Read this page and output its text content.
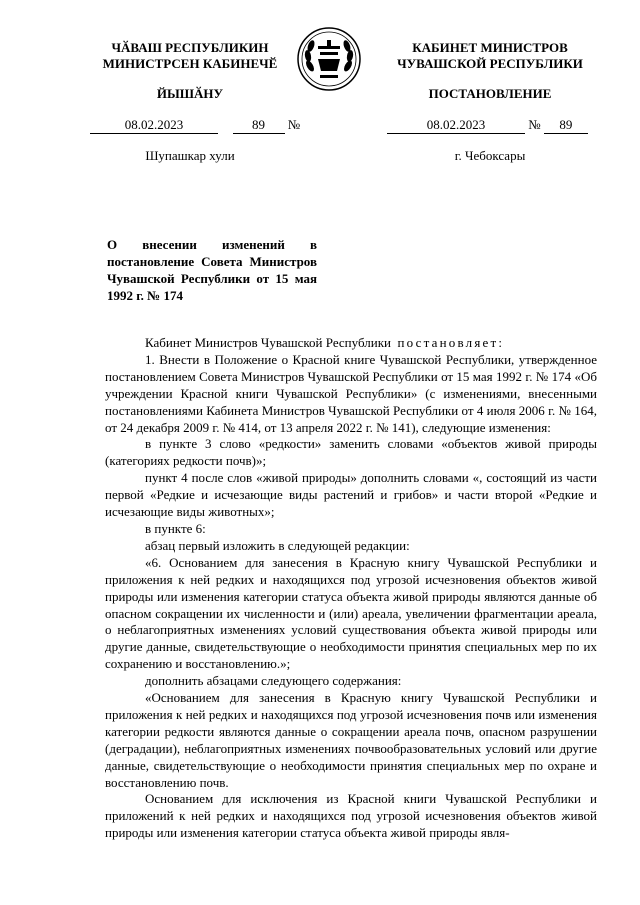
ЧӐВАШ РЕСПУБЛИКИН МИНИСТРСЕН КАБИНЕЧӖ
КАБИНЕТ МИНИСТРОВ ЧУВАШСКОЙ РЕСПУБЛИКИ
ЙЫШӐНУ	ПОСТАНОВЛЕНИЕ
08.02.2023	89 №	08.02.2023	№ 89
Шупашкар хули	г. Чебоксары
О внесении изменений в постановление Совета Министров Чувашской Республики от 15 мая 1992 г. № 174

Кабинет Министров Чувашской Республики постановляет:

1. Внести в Положение о Красной книге Чувашской Республики, утвержденное постановлением Совета Министров Чувашской Республики от 15 мая 1992 г. № 174 «Об учреждении Красной книги Чувашской Республики» (с изменениями, внесенными постановлениями Кабинета Министров Чувашской Республики от 4 июля 2006 г. № 164, от 24 декабря 2009 г. № 414, от 13 апреля 2022 г. № 141), следующие изменения:

в пункте 3 слово «редкости» заменить словами «объектов живой природы (категориях редкости почв)»;

пункт 4 после слов «живой природы» дополнить словами «, состоящий из части первой «Редкие и исчезающие виды растений и грибов» и части второй «Редкие и исчезающие виды животных»;

в пункте 6:

абзац первый изложить в следующей редакции:

«6. Основанием для занесения в Красную книгу Чувашской Республики и приложения к ней редких и находящихся под угрозой исчезновения объектов живой природы или изменения категории статуса объекта живой природы являются данные об опасном сокращении их численности и (или) ареала, увеличении фрагментации ареала, о неблагоприятных изменениях условий существования объекта живой природы или другие данные, свидетельствующие о необходимости принятия специальных мер по их сохранению и восстановлению.»;

дополнить абзацами следующего содержания:

«Основанием для занесения в Красную книгу Чувашской Республики и приложения к ней редких и находящихся под угрозой исчезновения почв или изменения категории редкости являются данные о сокращении ареала почв, опасном разрушении (деградации), неблагоприятных изменениях почвообразовательных условий или другие данные, свидетельствующие о необходимости принятия специальных мер по охране и восстановлению почв.

Основанием для исключения из Красной книги Чувашской Республики и приложений к ней редких и находящихся под угрозой исчезновения объектов живой природы или изменения категории статуса объекта живой природы явля-
